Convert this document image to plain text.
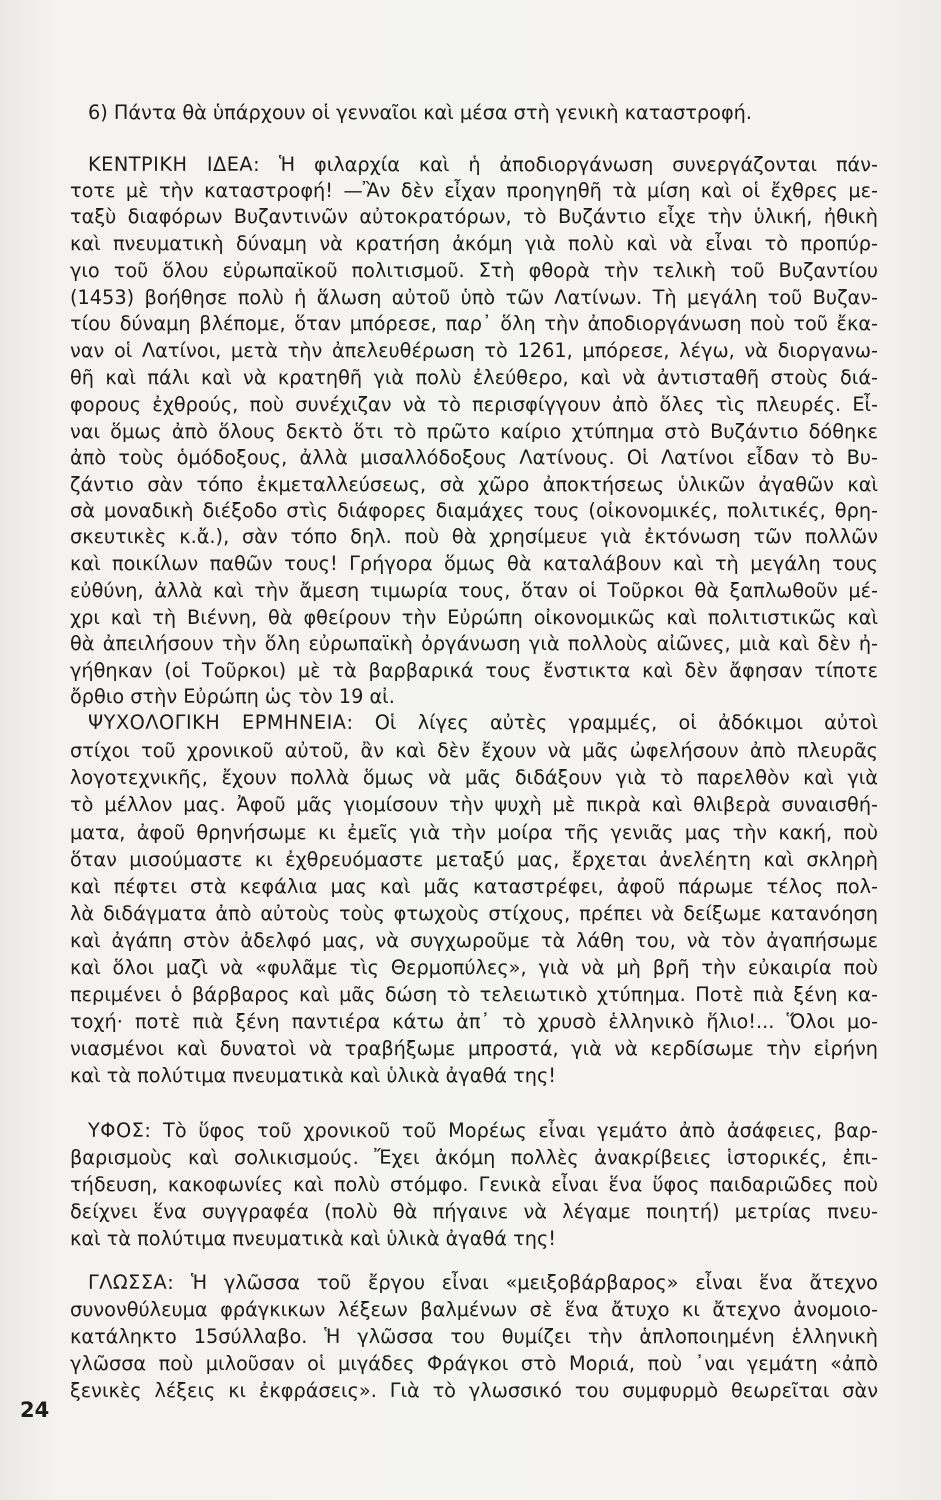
6) Πάντα θὰ ὑπάρχουν οἱ γενναῖοι καὶ μέσα στὴ γενικὴ καταστροφή.
ΚΕΝΤΡΙΚΗ ΙΔΕΑ: Ἡ φιλαρχία καὶ ἡ ἀποδιοργάνωση συνεργάζονται πάν-
τοτε μὲ τὴν καταστροφή! —Ἂν δὲν εἶχαν προηγηθῆ τὰ μίση καὶ οἱ ἔχθρες με-
ταξὺ διαφόρων Βυζαντινῶν αὐτοκρατόρων, τὸ Βυζάντιο εἶχε τὴν ὑλική, ἠθικὴ
καὶ πνευματικὴ δύναμη νὰ κρατήση ἀκόμη γιὰ πολὺ καὶ νὰ εἶναι τὸ προπύρ-
γιο τοῦ ὅλου εὐρωπαϊκοῦ πολιτισμοῦ. Στὴ φθορὰ τὴν τελικὴ τοῦ Βυζαντίου
(1453) βοήθησε πολὺ ἡ ἅλωση αὐτοῦ ὑπὸ τῶν Λατίνων. Τὴ μεγάλη τοῦ Βυζαν-
τίου δύναμη βλέπομε, ὅταν μπόρεσε, παρ᾽ ὅλη τὴν ἀποδιοργάνωση ποὺ τοῦ ἔκα-
ναν οἱ Λατίνοι, μετὰ τὴν ἀπελευθέρωση τὸ 1261, μπόρεσε, λέγω, νὰ διοργανω-
θῆ καὶ πάλι καὶ νὰ κρατηθῆ γιὰ πολὺ ἐλεύθερο, καὶ νὰ ἀντισταθῆ στοὺς διά-
φορους ἐχθρούς, ποὺ συνέχιζαν νὰ τὸ περισφίγγουν ἀπὸ ὅλες τὶς πλευρές. Εἶ-
ναι ὅμως ἀπὸ ὅλους δεκτὸ ὅτι τὸ πρῶτο καίριο χτύπημα στὸ Βυζάντιο δόθηκε
ἀπὸ τοὺς ὁμόδοξους, ἀλλὰ μισαλλόδοξους Λατίνους. Οἱ Λατίνοι εἶδαν τὸ Βυ-
ζάντιο σὰν τόπο ἐκμεταλλεύσεως, σὰ χῶρο ἀποκτήσεως ὑλικῶν ἀγαθῶν καὶ
σὰ μοναδικὴ διέξοδο στὶς διάφορες διαμάχες τους (οἰκονομικές, πολιτικές, θρη-
σκευτικὲς κ.ἄ.), σὰν τόπο δηλ. ποὺ θὰ χρησίμευε γιὰ ἐκτόνωση τῶν πολλῶν
καὶ ποικίλων παθῶν τους! Γρήγορα ὅμως θὰ καταλάβουν καὶ τὴ μεγάλη τους
εὐθύνη, ἀλλὰ καὶ τὴν ἄμεση τιμωρία τους, ὅταν οἱ Τοῦρκοι θὰ ξαπλωθοῦν μέ-
χρι καὶ τὴ Βιέννη, θὰ φθείρουν τὴν Εὐρώπη οἰκονομικῶς καὶ πολιτιστικῶς καὶ
θὰ ἀπειλήσουν τὴν ὅλη εὐρωπαϊκὴ ὀργάνωση γιὰ πολλοὺς αἰῶνες, μιὰ καὶ δὲν ἠ-
γήθηκαν (οἱ Τοῦρκοι) μὲ τὰ βαρβαρικά τους ἔνστικτα καὶ δὲν ἄφησαν τίποτε
ὄρθιο στὴν Εὐρώπη ὡς τὸν 19 αἰ.
ΨΥΧΟΛΟΓΙΚΗ ΕΡΜΗΝΕΙΑ: Οἱ λίγες αὐτὲς γραμμές, οἱ ἀδόκιμοι αὐτοὶ
στίχοι τοῦ χρονικοῦ αὐτοῦ, ἂν καὶ δὲν ἔχουν νὰ μᾶς ὠφελήσουν ἀπὸ πλευρᾶς
λογοτεχνικῆς, ἔχουν πολλὰ ὅμως νὰ μᾶς διδάξουν γιὰ τὸ παρελθὸν καὶ γιὰ
τὸ μέλλον μας. Ἀφοῦ μᾶς γιομίσουν τὴν ψυχὴ μὲ πικρὰ καὶ θλιβερὰ συναισθή-
ματα, ἀφοῦ θρηνήσωμε κι ἐμεῖς γιὰ τὴν μοίρα τῆς γενιᾶς μας τὴν κακή, ποὺ
ὅταν μισούμαστε κι ἐχθρευόμαστε μεταξύ μας, ἔρχεται ἀνελέητη καὶ σκληρὴ
καὶ πέφτει στὰ κεφάλια μας καὶ μᾶς καταστρέφει, ἀφοῦ πάρωμε τέλος πολ-
λὰ διδάγματα ἀπὸ αὐτοὺς τοὺς φτωχοὺς στίχους, πρέπει νὰ δείξωμε κατανόηση
καὶ ἀγάπη στὸν ἀδελφό μας, νὰ συγχωροῦμε τὰ λάθη του, νὰ τὸν ἀγαπήσωμε
καὶ ὅλοι μαζὶ νὰ «φυλᾶμε τὶς Θερμοπύλες», γιὰ νὰ μὴ βρῆ τὴν εὐκαιρία ποὺ
περιμένει ὁ βάρβαρος καὶ μᾶς δώση τὸ τελειωτικὸ χτύπημα. Ποτὲ πιὰ ξένη κα-
τοχή· ποτὲ πιὰ ξένη παντιέρα κάτω ἀπ᾽ τὸ χρυσὸ ἑλληνικὸ ἥλιο!... Ὅλοι μο-
νιασμένοι καὶ δυνατοὶ νὰ τραβήξωμε μπροστά, γιὰ νὰ κερδίσωμε τὴν εἰρήνη
καὶ τὰ πολύτιμα πνευματικὰ καὶ ὑλικὰ ἀγαθά της!
ΥΦΟΣ: Τὸ ὕφος τοῦ χρονικοῦ τοῦ Μορέως εἶναι γεμάτο ἀπὸ ἀσάφειες, βαρ-
βαρισμοὺς καὶ σολικισμούς. Ἔχει ἀκόμη πολλὲς ἀνακρίβειες ἱστορικές, ἐπι-
τήδευση, κακοφωνίες καὶ πολὺ στόμφο. Γενικὰ εἶναι ἕνα ὕφος παιδαριῶδες ποὺ
δείχνει ἕνα συγγραφέα (πολὺ θὰ πήγαινε νὰ λέγαμε ποιητή) μετρίας πνευ-
καὶ τὰ πολύτιμα πνευματικὰ καὶ ὑλικὰ ἀγαθά της!
ΓΛΩΣΣΑ: Ἡ γλῶσσα τοῦ ἔργου εἶναι «μειξοβάρβαρος» εἶναι ἕνα ἄτεχνο
συνονθύλευμα φράγκικων λέξεων βαλμένων σὲ ἕνα ἄτυχο κι ἄτεχνο ἀνομοιο-
κατάληκτο 15σύλλαβο. Ἡ γλῶσσα του θυμίζει τὴν ἁπλοποιημένη ἑλληνικὴ
γλῶσσα ποὺ μιλοῦσαν οἱ μιγάδες Φράγκοι στὸ Μοριά, ποὺ ᾽ναι γεμάτη «ἀπὸ
ξενικὲς λέξεις κι ἐκφράσεις». Γιὰ τὸ γλωσσικό του συμφυρμὸ θεωρεῖται σὰν
24
